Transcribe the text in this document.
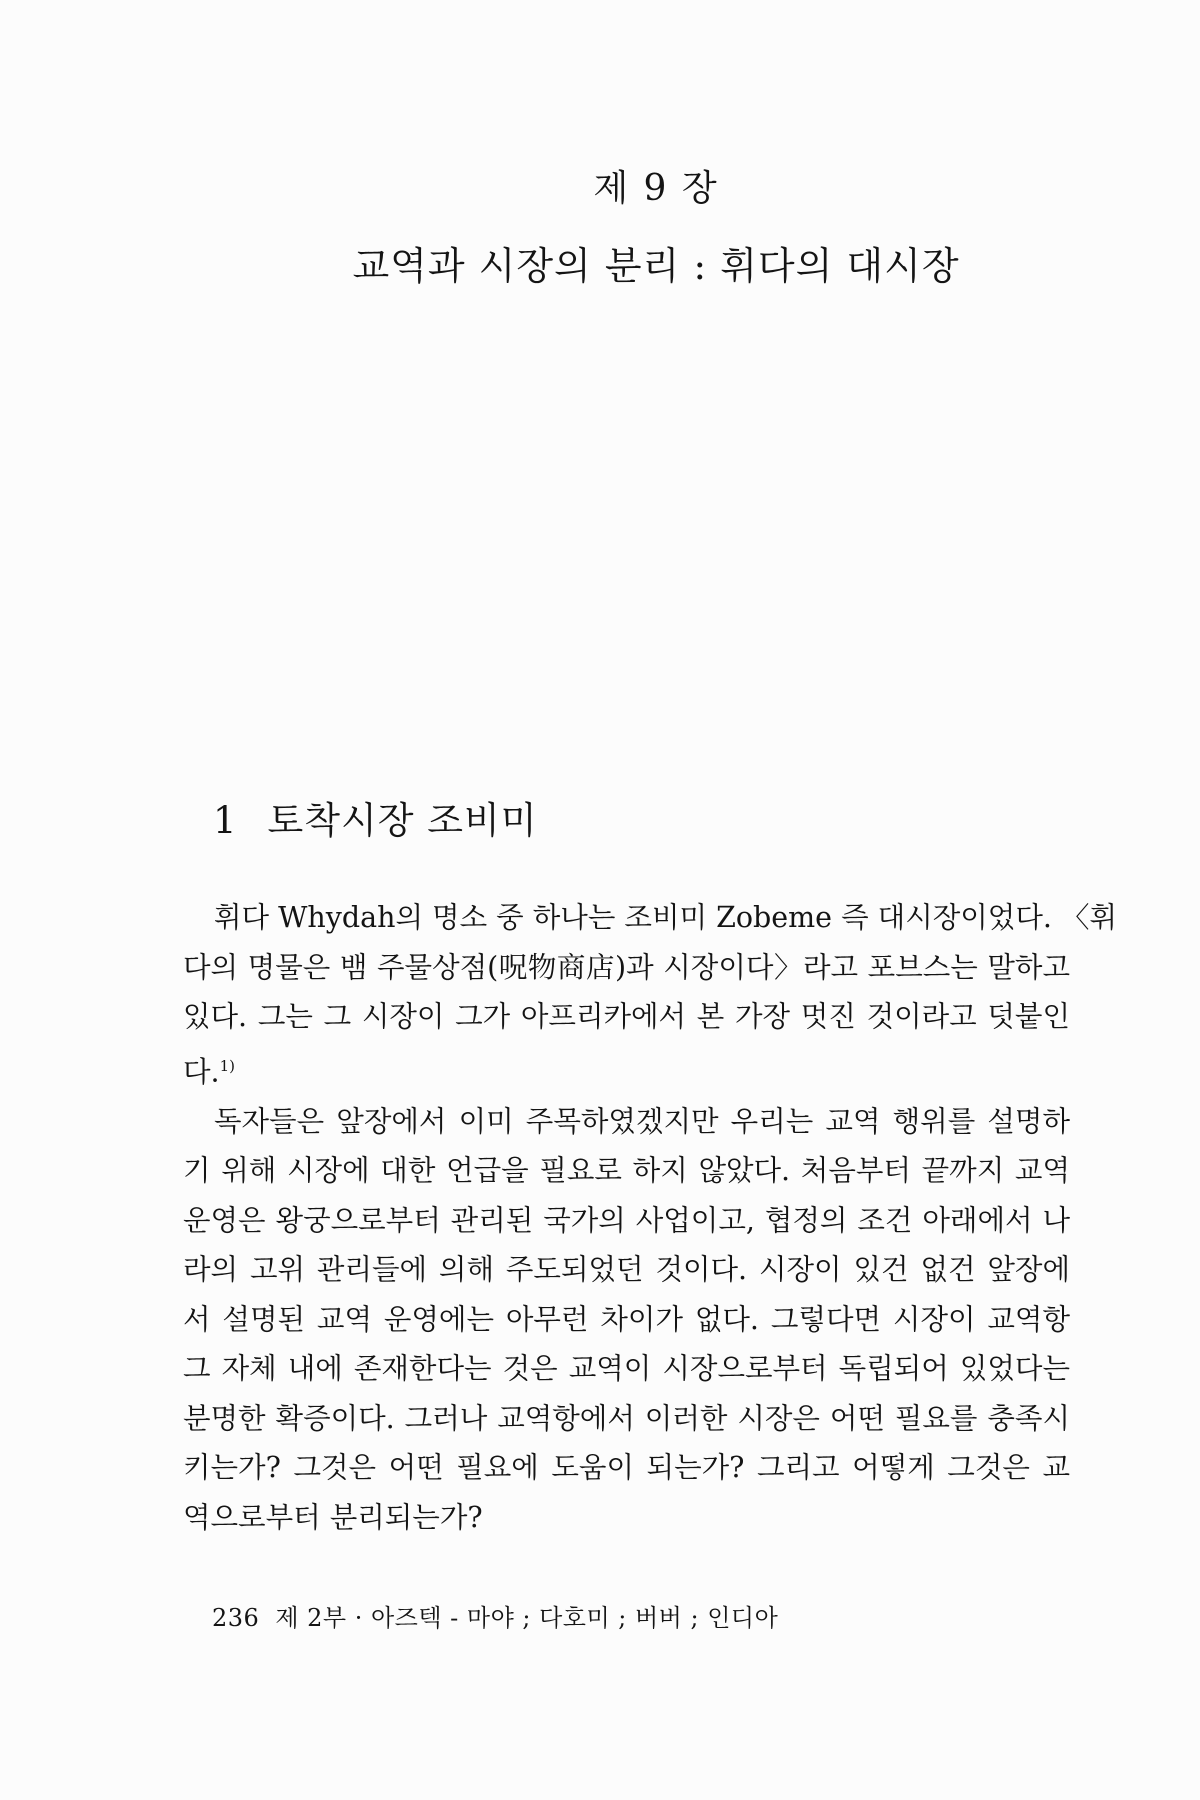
제 9 장
교역과 시장의 분리 : 휘다의 대시장
1 토착시장 조비미
휘다 Whydah의 명소 중 하나는 조비미 Zobeme 즉 대시장이었다. 〈휘
다의 명물은 뱀 주물상점(呪物商店)과 시장이다〉라고 포브스는 말하고
있다. 그는 그 시장이 그가 아프리카에서 본 가장 멋진 것이라고 덧붙인
다.$^{1)}$
독자들은 앞장에서 이미 주목하였겠지만 우리는 교역 행위를 설명하
기 위해 시장에 대한 언급을 필요로 하지 않았다. 처음부터 끝까지 교역
운영은 왕궁으로부터 관리된 국가의 사업이고, 협정의 조건 아래에서 나
라의 고위 관리들에 의해 주도되었던 것이다. 시장이 있건 없건 앞장에
서 설명된 교역 운영에는 아무런 차이가 없다. 그렇다면 시장이 교역항
그 자체 내에 존재한다는 것은 교역이 시장으로부터 독립되어 있었다는
분명한 확증이다. 그러나 교역항에서 이러한 시장은 어떤 필요를 충족시
키는가? 그것은 어떤 필요에 도움이 되는가? 그리고 어떻게 그것은 교
역으로부터 분리되는가?
236 제 2부 · 아즈텍 - 마야 ; 다호미 ; 버버 ; 인디아
